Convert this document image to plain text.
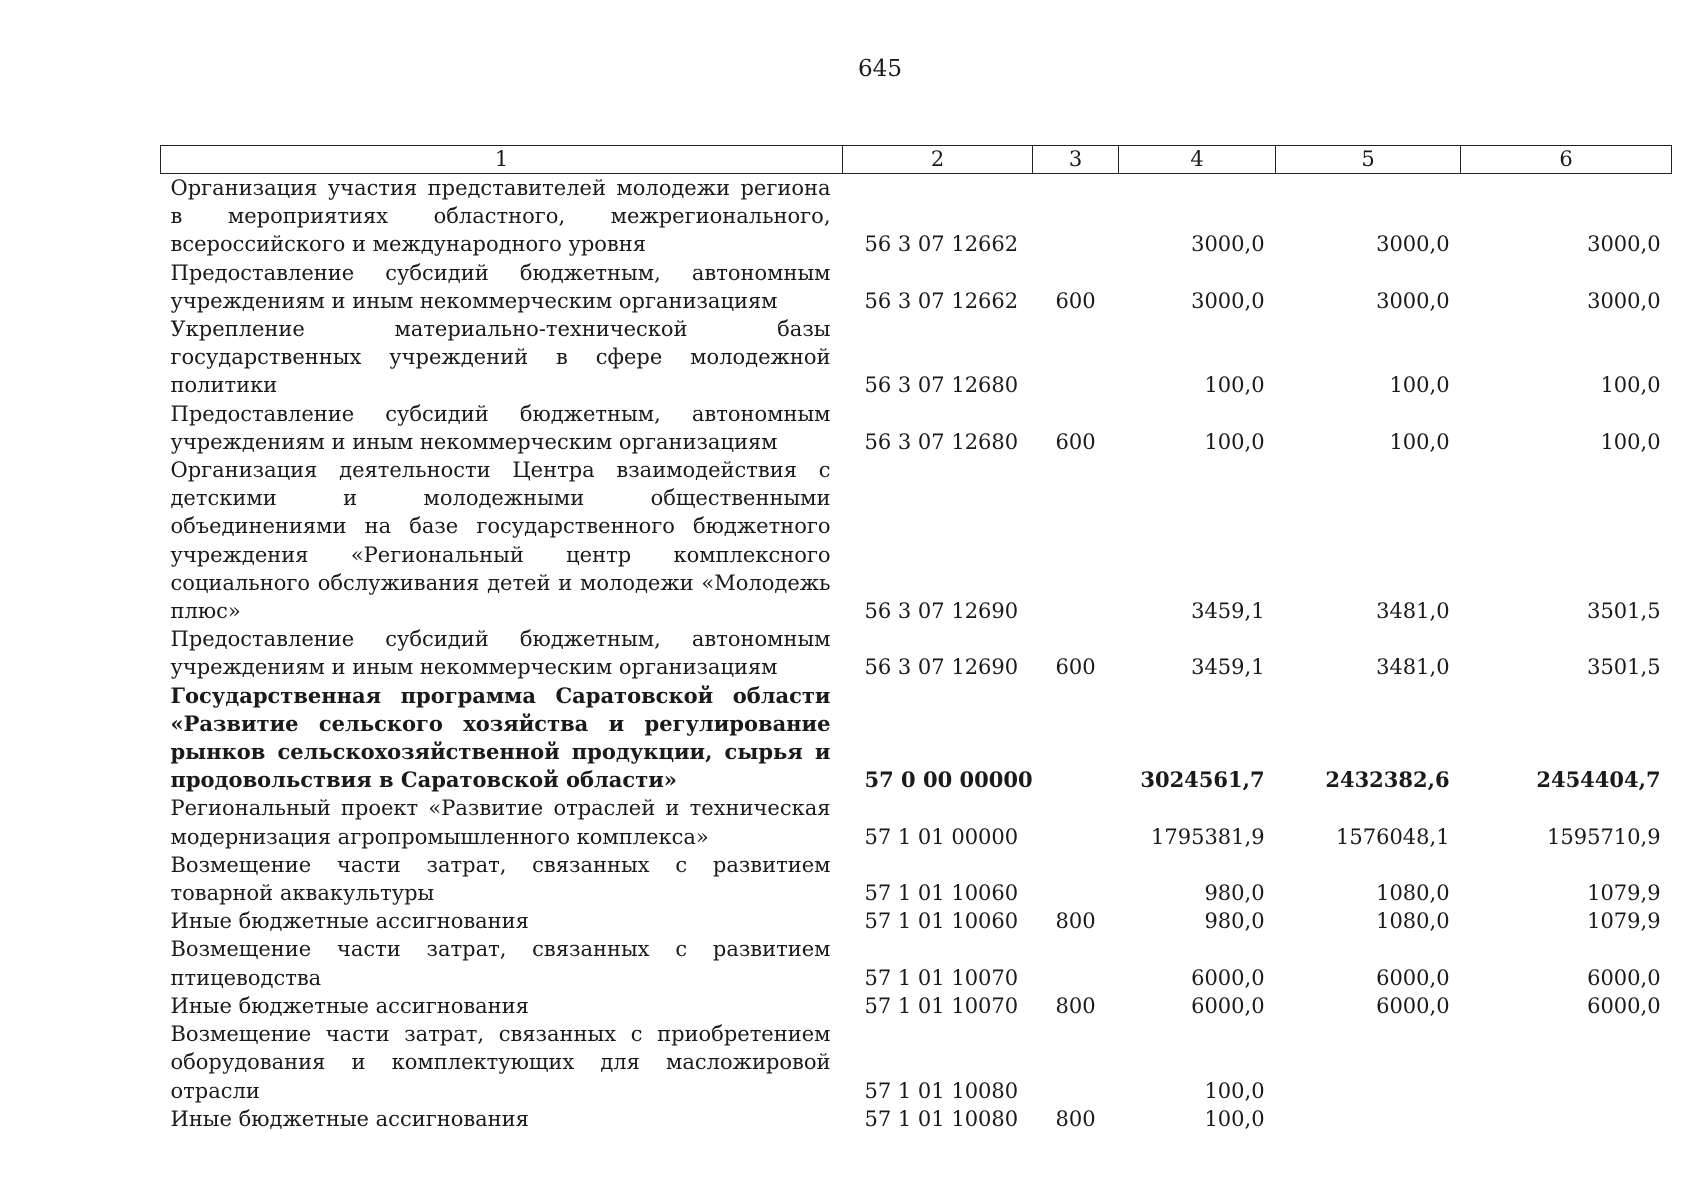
645
1	2	3	4	5	6
Организация участия представителей молодежи региона в мероприятиях областного, межрегионального, всероссийского и международного уровня	56 3 07 12662		3000,0	3000,0	3000,0
Предоставление субсидий бюджетным, автономным учреждениям и иным некоммерческим организациям	56 3 07 12662	600	3000,0	3000,0	3000,0
Укрепление материально-технической базы государственных учреждений в сфере молодежной политики	56 3 07 12680		100,0	100,0	100,0
Предоставление субсидий бюджетным, автономным учреждениям и иным некоммерческим организациям	56 3 07 12680	600	100,0	100,0	100,0
Организация деятельности Центра взаимодействия с детскими и молодежными общественными объединениями на базе государственного бюджетного учреждения «Региональный центр комплексного социального обслуживания детей и молодежи «Молодежь плюс»	56 3 07 12690		3459,1	3481,0	3501,5
Предоставление субсидий бюджетным, автономным учреждениям и иным некоммерческим организациям	56 3 07 12690	600	3459,1	3481,0	3501,5
Государственная программа Саратовской области «Развитие сельского хозяйства и регулирование рынков сельскохозяйственной продукции, сырья и продовольствия в Саратовской области»	57 0 00 00000		3024561,7	2432382,6	2454404,7
Региональный проект «Развитие отраслей и техническая модернизация агропромышленного комплекса»	57 1 01 00000		1795381,9	1576048,1	1595710,9
Возмещение части затрат, связанных с развитием товарной аквакультуры	57 1 01 10060		980,0	1080,0	1079,9
Иные бюджетные ассигнования	57 1 01 10060	800	980,0	1080,0	1079,9
Возмещение части затрат, связанных с развитием птицеводства	57 1 01 10070		6000,0	6000,0	6000,0
Иные бюджетные ассигнования	57 1 01 10070	800	6000,0	6000,0	6000,0
Возмещение части затрат, связанных с приобретением оборудования и комплектующих для масложировой отрасли	57 1 01 10080		100,0		
Иные бюджетные ассигнования	57 1 01 10080	800	100,0		
